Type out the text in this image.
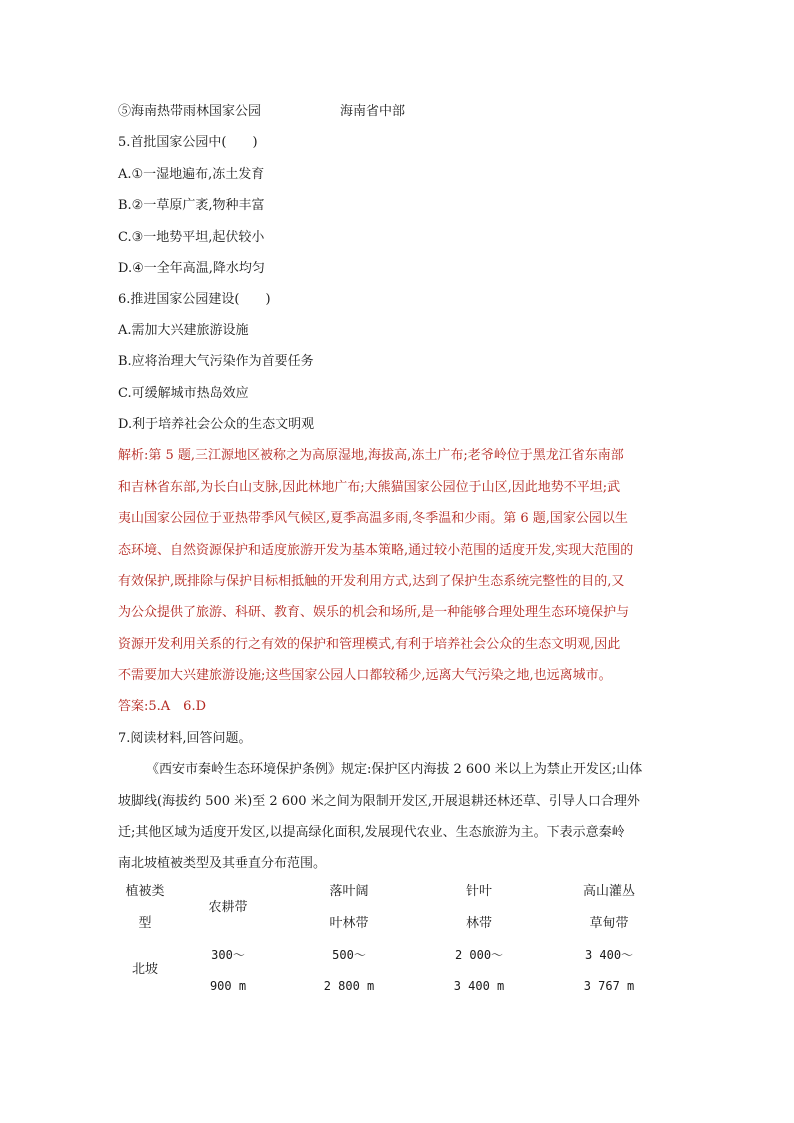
⑤海南热带雨林国家公园	海南省中部
5.首批国家公园中(　　)
A.①一湿地遍布,冻土发育
B.②一草原广袤,物种丰富
C.③一地势平坦,起伏较小
D.④一全年高温,降水均匀
6.推进国家公园建设(　　)
A.需加大兴建旅游设施
B.应将治理大气污染作为首要任务
C.可缓解城市热岛效应
D.利于培养社会公众的生态文明观
解析:第 5 题,三江源地区被称之为高原湿地,海拔高,冻土广布;老爷岭位于黑龙江省东南部
和吉林省东部,为长白山支脉,因此林地广布;大熊猫国家公园位于山区,因此地势不平坦;武
夷山国家公园位于亚热带季风气候区,夏季高温多雨,冬季温和少雨。第 6 题,国家公园以生
态环境、自然资源保护和适度旅游开发为基本策略,通过较小范围的适度开发,实现大范围的
有效保护,既排除与保护目标相抵触的开发利用方式,达到了保护生态系统完整性的目的,又
为公众提供了旅游、科研、教育、娱乐的机会和场所,是一种能够合理处理生态环境保护与
资源开发利用关系的行之有效的保护和管理模式,有利于培养社会公众的生态文明观,因此
不需要加大兴建旅游设施;这些国家公园人口都较稀少,远离大气污染之地,也远离城市。
答案:5.A　6.D
7.阅读材料,回答问题。
《西安市秦岭生态环境保护条例》规定:保护区内海拔 2 600 米以上为禁止开发区;山体
坡脚线(海拔约 500 米)至 2 600 米之间为限制开发区,开展退耕还林还草、引导人口合理外
迁;其他区域为适度开发区,以提高绿化面积,发展现代农业、生态旅游为主。下表示意秦岭
南北坡植被类型及其垂直分布范围。
植被类
型
农耕带
落叶阔
叶林带
针叶
林带
高山灌丛
草甸带
北坡
300～
900 m
500～
2 800 m
2 000～
3 400 m
3 400～
3 767 m
